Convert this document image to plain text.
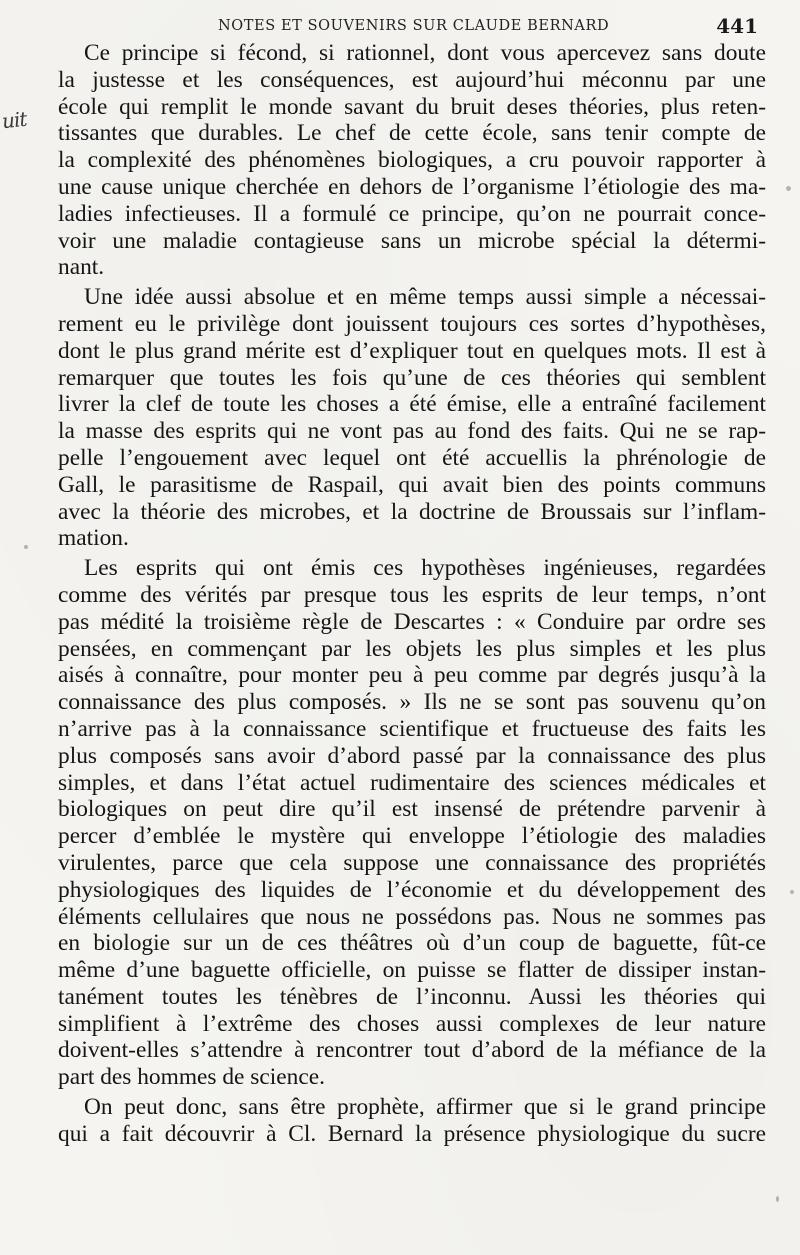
NOTES ET SOUVENIRS SUR CLAUDE BERNARD	441
uit
Ce principe si fécond, si rationnel, dont vous apercevez sans doute
la justesse et les conséquences, est aujourd’hui méconnu par une
école qui remplit le monde savant du bruit deses théories, plus reten-
tissantes que durables. Le chef de cette école, sans tenir compte de
la complexité des phénomènes biologiques, a cru pouvoir rapporter à
une cause unique cherchée en dehors de l’organisme l’étiologie des ma-
ladies infectieuses. Il a formulé ce principe, qu’on ne pourrait conce-
voir une maladie contagieuse sans un microbe spécial la détermi-
nant.
Une idée aussi absolue et en même temps aussi simple a nécessai-
rement eu le privilège dont jouissent toujours ces sortes d’hypothèses,
dont le plus grand mérite est d’expliquer tout en quelques mots. Il est à
remarquer que toutes les fois qu’une de ces théories qui semblent
livrer la clef de toute les choses a été émise, elle a entraîné facilement
la masse des esprits qui ne vont pas au fond des faits. Qui ne se rap-
pelle l’engouement avec lequel ont été accuellis la phrénologie de
Gall, le parasitisme de Raspail, qui avait bien des points communs
avec la théorie des microbes, et la doctrine de Broussais sur l’inflam-
mation.
Les esprits qui ont émis ces hypothèses ingénieuses, regardées
comme des vérités par presque tous les esprits de leur temps, n’ont
pas médité la troisième règle de Descartes : « Conduire par ordre ses
pensées, en commençant par les objets les plus simples et les plus
aisés à connaître, pour monter peu à peu comme par degrés jusqu’à la
connaissance des plus composés. » Ils ne se sont pas souvenu qu’on
n’arrive pas à la connaissance scientifique et fructueuse des faits les
plus composés sans avoir d’abord passé par la connaissance des plus
simples, et dans l’état actuel rudimentaire des sciences médicales et
biologiques on peut dire qu’il est insensé de prétendre parvenir à
percer d’emblée le mystère qui enveloppe l’étiologie des maladies
virulentes, parce que cela suppose une connaissance des propriétés
physiologiques des liquides de l’économie et du développement des
éléments cellulaires que nous ne possédons pas. Nous ne sommes pas
en biologie sur un de ces théâtres où d’un coup de baguette, fût-ce
même d’une baguette officielle, on puisse se flatter de dissiper instan-
tanément toutes les ténèbres de l’inconnu. Aussi les théories qui
simplifient à l’extrême des choses aussi complexes de leur nature
doivent-elles s’attendre à rencontrer tout d’abord de la méfiance de la
part des hommes de science.
On peut donc, sans être prophète, affirmer que si le grand principe
qui a fait découvrir à Cl. Bernard la présence physiologique du sucre
